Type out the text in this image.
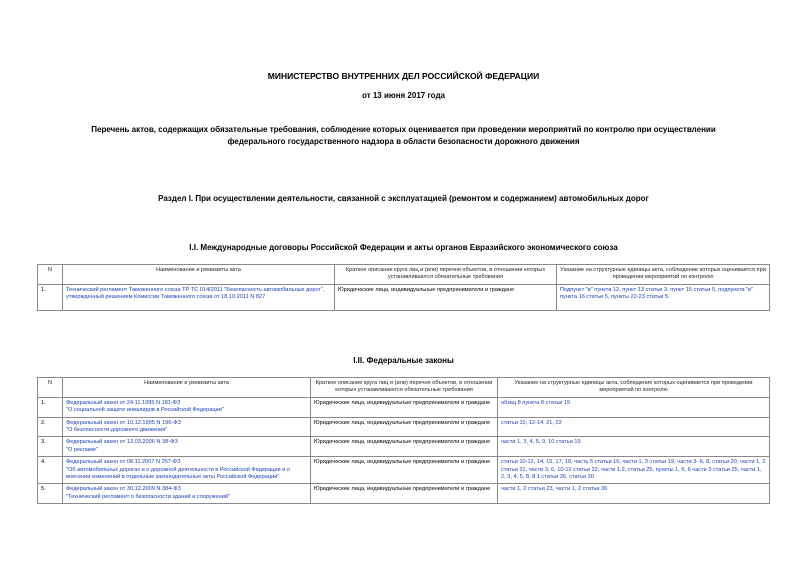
МИНИСТЕРСТВО ВНУТРЕННИХ ДЕЛ РОССИЙСКОЙ ФЕДЕРАЦИИ
от 13 июня 2017 года
Перечень актов, содержащих обязательные требования, соблюдение которых оценивается при проведении мероприятий по контролю при осуществлении
федерального государственного надзора в области безопасности дорожного движения
Раздел I. При осуществлении деятельности, связанной с эксплуатацией (ремонтом и содержанием) автомобильных дорог
I.I. Международные договоры Российской Федерации и акты органов Евразийского экономического союза
N	Наименование и реквизиты акта	Краткое описание круга лиц и (или) перечня объектов, в отношении которых устанавливаются обязательные требования	Указание на структурные единицы акта, соблюдение которых оценивается при проведении мероприятий по контролю
1.	Технический регламент Таможенного союза ТР ТС 014/2011 "Безопасность автомобильных дорог", утвержденный решением Комиссии Таможенного союза от 18.10.2011 N 827	Юридические лица, индивидуальные предприниматели и граждане	Подпункт "в" пункта 12, пункт 13 статьи 3, пункт 15 статьи 5, подпункта "в" пункта 16 статьи 5, пункты 22-23 статьи 5.
I.II. Федеральные законы
N	Наименование и реквизиты акта	Краткое описание круга лиц и (или) перечня объектов, в отношении которых устанавливаются обязательные требования	Указание на структурные единицы акта, соблюдение которых оценивается при проведении мероприятий по контролю
1.	Федеральный закон от 24.11.1995 N 181-ФЗ
"О социальной защите инвалидов в Российской Федерации"	Юридические лица, индивидуальные предприниматели и граждане	абзац 8 пункта 8 статьи 15
2.	Федеральный закон от 10.12.1995 N 196-ФЗ
"О безопасности дорожного движения"	Юридические лица, индивидуальные предприниматели и граждане	статьи 10, 12-14, 21, 22
3.	Федеральный закон от 13.03.2006 N 38-ФЗ
"О рекламе"	Юридические лица, индивидуальные предприниматели и граждане	части 1, 3, 4, 5, 9, 10 статьи 19
4.	Федеральный закон от 08.11.2007 N 257-ФЗ
"Об автомобильных дорогах и о дорожной деятельности в Российской Федерации и о внесении изменений в отдельные законодательные акты Российской Федерации"	Юридические лица, индивидуальные предприниматели и граждане	статьи 10-12, 14, 15, 17, 18, часть 5 статьи 16, части 1, 3 статьи 19, части 3- 6, 8, статьи 20, части 1, 2 статьи 21, части 3, 6, 10-12 статьи 22, части 1,2, статьи 25, пункты 1, 5, 6 части 3 статьи 25, части 1, 2, 3, 4, 5, 8, 8.1 статьи 26, статьи 30
5.	Федеральный закон от 30.12.2009 N 384-ФЗ
"Технический регламент о безопасности зданий и сооружений"	Юридические лица, индивидуальные предприниматели и граждане	части 1, 2 статьи 23, части 1, 2 статьи 36
